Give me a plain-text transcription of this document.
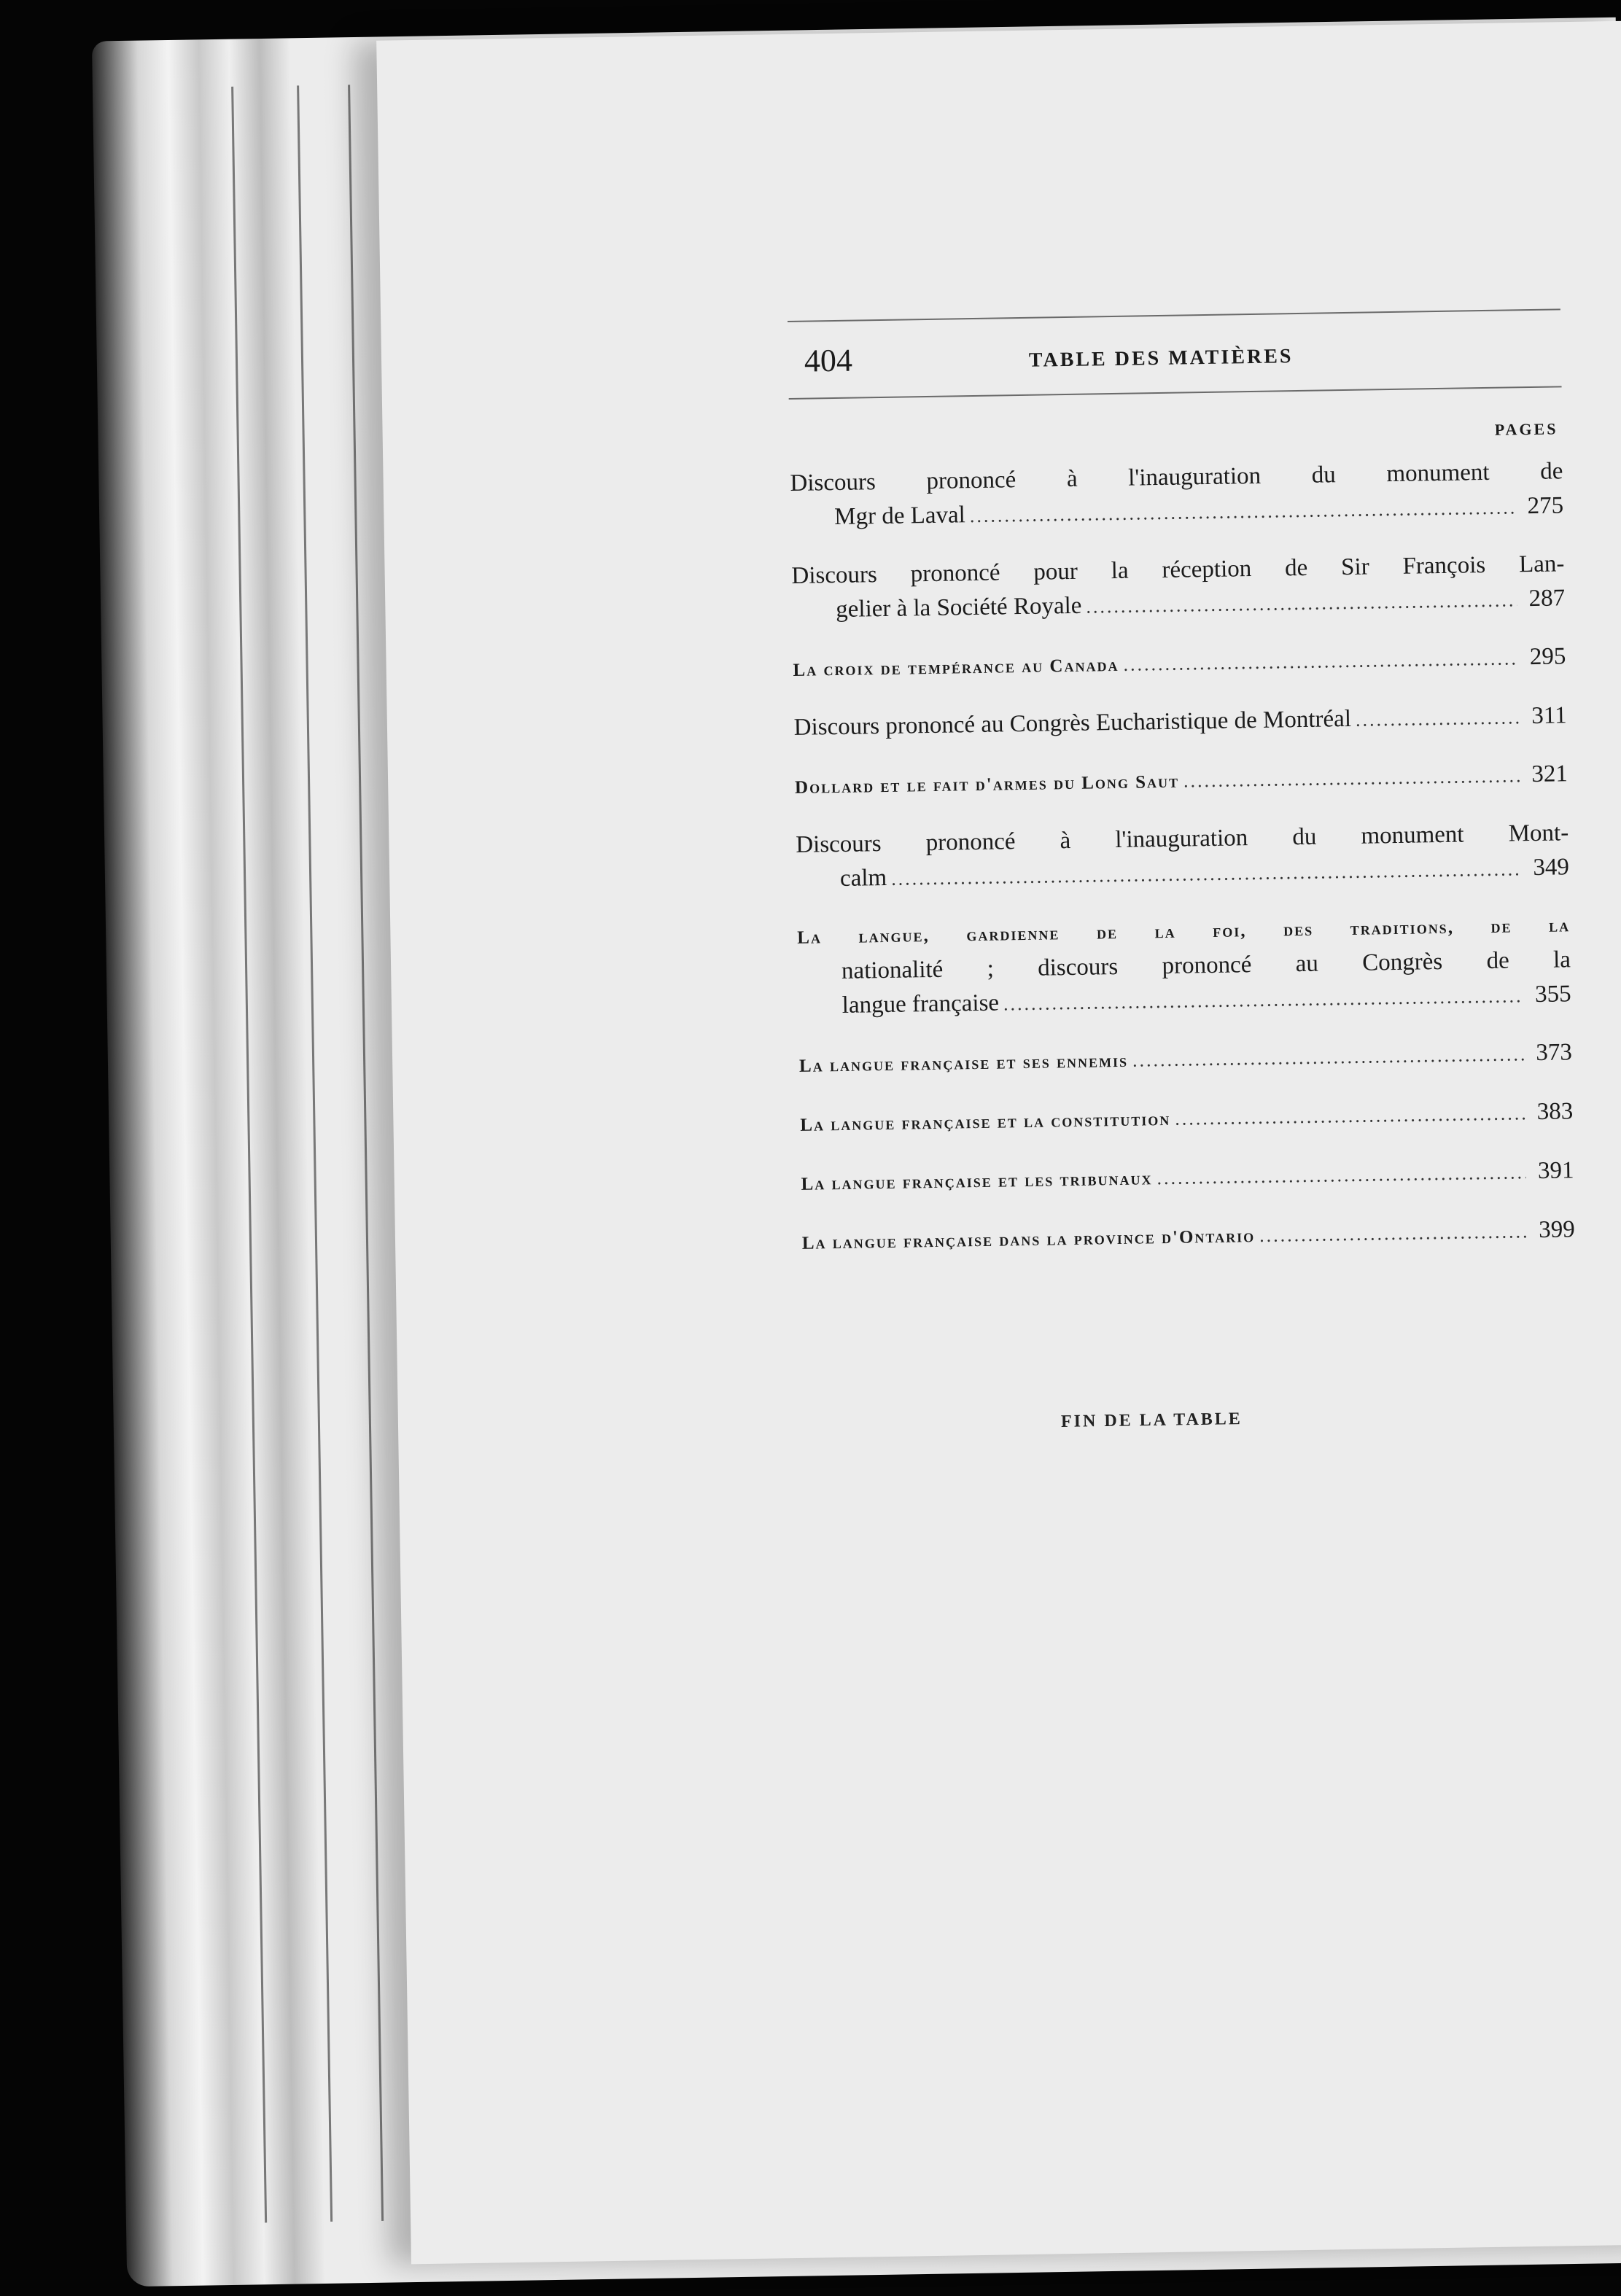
404	TABLE DES MATIÈRES
PAGES
Discours prononcé à l'inauguration du monument de
Mgr de Laval .....	275
Discours prononcé pour la réception de Sir François Lan-
gelier à la Société Royale .....	287
La croix de tempérance au Canada .....	295
Discours prononcé au Congrès Eucharistique de Montréal .....	311
Dollard et le fait d'armes du Long Saut .....	321
Discours prononcé à l'inauguration du monument Mont-
calm .....	349
La langue, gardienne de la foi, des traditions, de la
nationalité ; discours prononcé au Congrès de la
langue française .....	355
La langue française et ses ennemis .....	373
La langue française et la constitution .....	383
La langue française et les tribunaux .....	391
La langue française dans la province d'Ontario .....	399
FIN DE LA TABLE
